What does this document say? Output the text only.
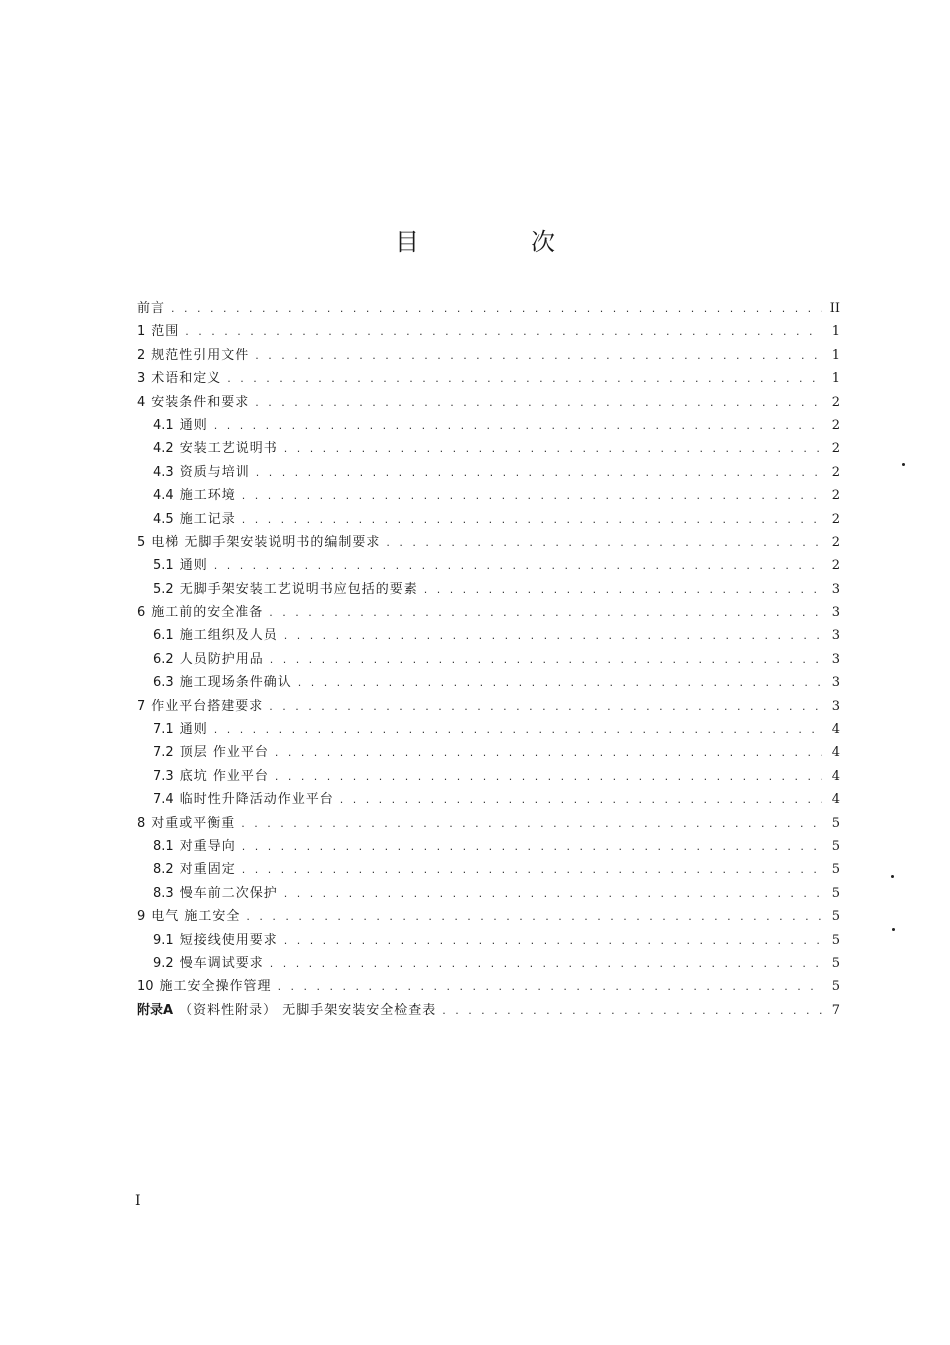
目　次
前言 . . .	II
1 范围 . . .	1
2 规范性引用文件 . . .	1
3 术语和定义 . . .	1
4 安装条件和要求 . . .	2
4.1 通则 . . .	2
4.2 安装工艺说明书 . . .	2
4.3 资质与培训 . . .	2
4.4 施工环境 . . .	2
4.5 施工记录 . . .	2
5 电梯 无脚手架安装说明书的编制要求 . . .	2
5.1 通则 . . .	2
5.2 无脚手架安装工艺说明书应包括的要素 . . .	3
6 施工前的安全准备 . . .	3
6.1 施工组织及人员 . . .	3
6.2 人员防护用品 . . .	3
6.3 施工现场条件确认 . . .	3
7 作业平台搭建要求 . . .	3
7.1 通则 . . .	4
7.2 顶层 作业平台 . . .	4
7.3 底坑 作业平台 . . .	4
7.4 临时性升降活动作业平台 . . .	4
8 对重或平衡重 . . .	5
8.1 对重导向 . . .	5
8.2 对重固定 . . .	5
8.3 慢车前二次保护 . . .	5
9 电气 施工安全 . . .	5
9.1 短接线使用要求 . . .	5
9.2 慢车调试要求 . . .	5
10 施工安全操作管理 . . .	5
附录A （资料性附录） 无脚手架安装安全检查表 . . .	7
I
